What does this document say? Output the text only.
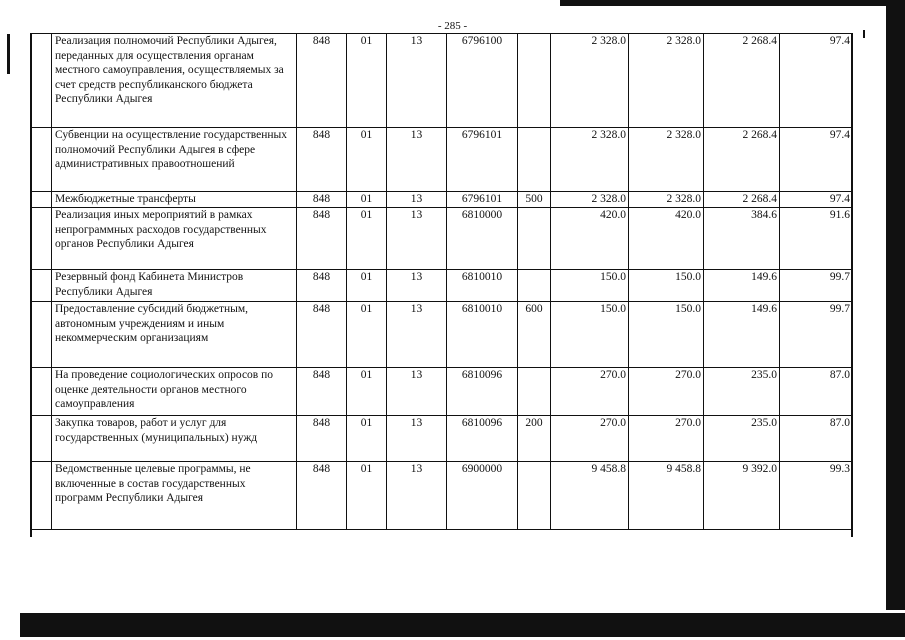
- 285 -
	Реализация полномочий Республики Адыгея, переданных для осуществления органам местного самоуправления, осуществляемых за счет средств республиканского бюджета Республики Адыгея	848	01	13	6796100		2 328.0	2 328.0	2 268.4	97.4
	Субвенции на осуществление государственных полномочий Республики Адыгея в сфере административных правоотношений	848	01	13	6796101		2 328.0	2 328.0	2 268.4	97.4
	Межбюджетные трансферты	848	01	13	6796101	500	2 328.0	2 328.0	2 268.4	97.4
	Реализация иных мероприятий в рамках непрограммных расходов государственных органов Республики Адыгея	848	01	13	6810000		420.0	420.0	384.6	91.6
	Резервный фонд Кабинета Министров Республики Адыгея	848	01	13	6810010		150.0	150.0	149.6	99.7
	Предоставление субсидий бюджетным, автономным учреждениям и иным некоммерческим организациям	848	01	13	6810010	600	150.0	150.0	149.6	99.7
	На проведение социологических опросов по оценке деятельности органов местного самоуправления	848	01	13	6810096		270.0	270.0	235.0	87.0
	Закупка товаров, работ и услуг для государственных (муниципальных) нужд	848	01	13	6810096	200	270.0	270.0	235.0	87.0
	Ведомственные целевые программы, не включенные в состав государственных программ Республики Адыгея	848	01	13	6900000		9 458.8	9 458.8	9 392.0	99.3
